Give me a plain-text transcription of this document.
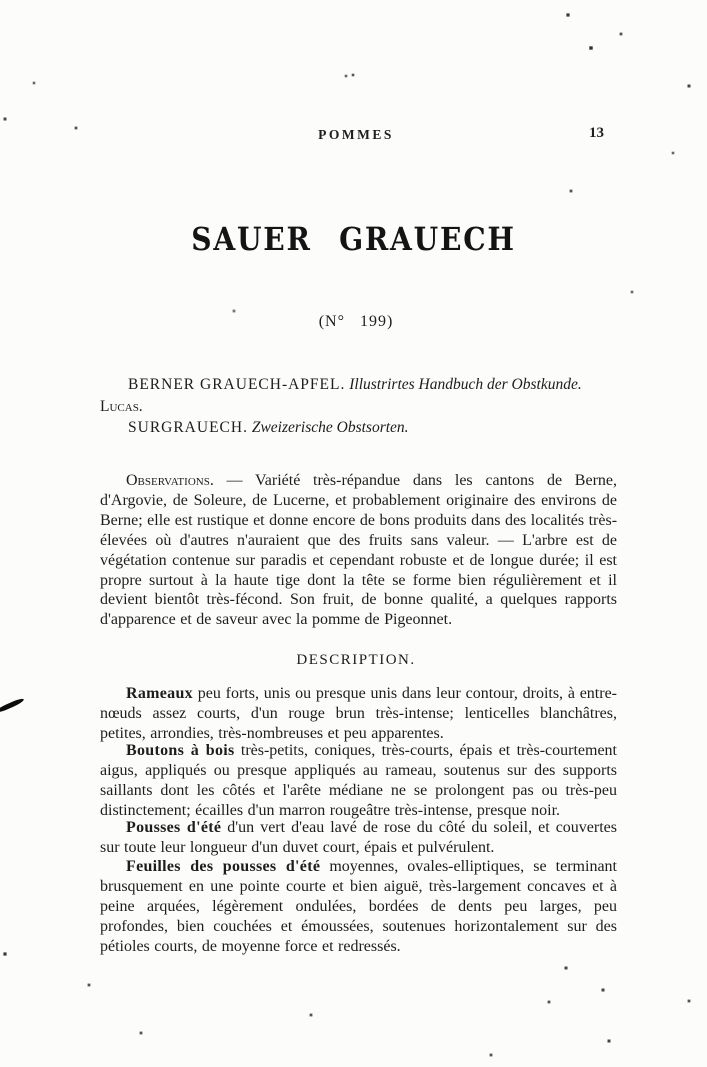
POMMES	13
SAUER GRAUECH
(N° 199)

BERNER GRAUECH-APFEL. Illustrirtes Handbuch der Obstkunde.
Lucas.

SURGRAUECH. Zweizerische Obstsorten.

Observations. — Variété très-répandue dans les cantons de Berne, d'Argovie, de Soleure, de Lucerne, et probablement originaire des environs de Berne; elle est rustique et donne encore de bons produits dans des localités très-élevées où d'autres n'auraient que des fruits sans valeur. — L'arbre est de végétation contenue sur paradis et cependant robuste et de longue durée; il est propre surtout à la haute tige dont la tête se forme bien régulièrement et il devient bientôt très-fécond. Son fruit, de bonne qualité, a quelques rapports d'apparence et de saveur avec la pomme de Pigeonnet.

DESCRIPTION.

Rameaux peu forts, unis ou presque unis dans leur contour, droits, à entre-nœuds assez courts, d'un rouge brun très-intense; lenticelles blanchâtres, petites, arrondies, très-nombreuses et peu apparentes.

Boutons à bois très-petits, coniques, très-courts, épais et très-courtement aigus, appliqués ou presque appliqués au rameau, soutenus sur des supports saillants dont les côtés et l'arête médiane ne se prolongent pas ou très-peu distinctement; écailles d'un marron rougeâtre très-intense, presque noir.

Pousses d'été d'un vert d'eau lavé de rose du côté du soleil, et couvertes sur toute leur longueur d'un duvet court, épais et pulvérulent.

Feuilles des pousses d'été moyennes, ovales-elliptiques, se terminant brusquement en une pointe courte et bien aiguë, très-largement concaves et à peine arquées, légèrement ondulées, bordées de dents peu larges, peu profondes, bien couchées et émoussées, soutenues horizontalement sur des pétioles courts, de moyenne force et redressés.
